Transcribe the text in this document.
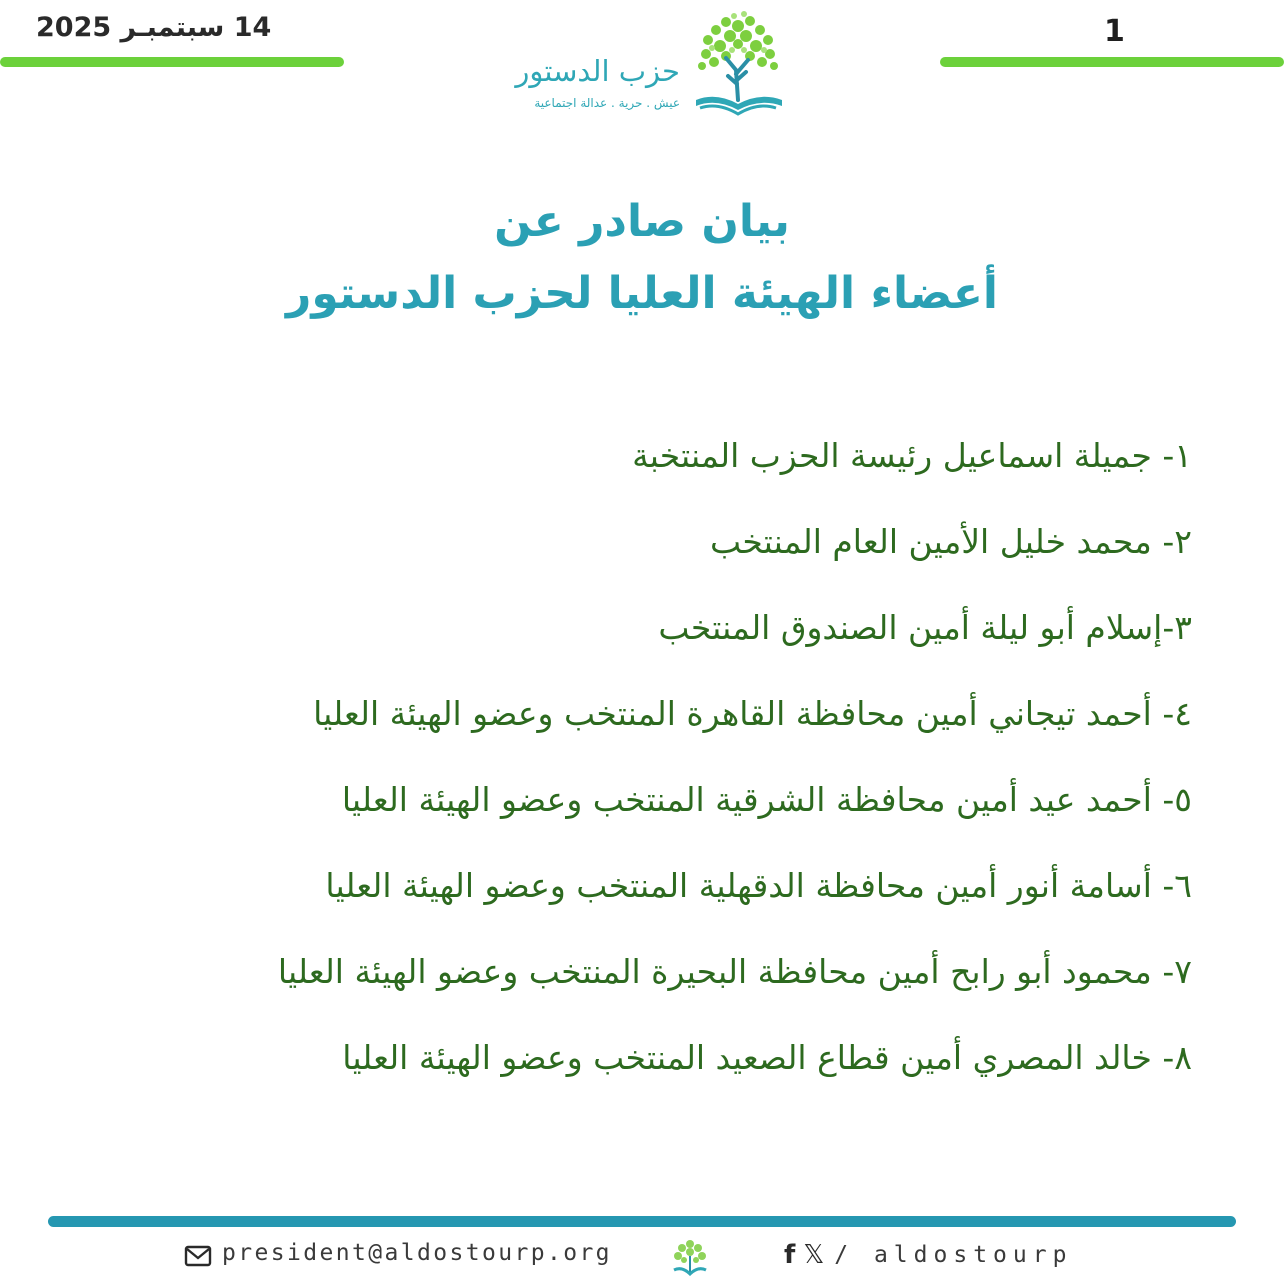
14 سبتمبـر 2025	1
حزب الدستور
عيش . حرية . عدالة اجتماعية
بيان صادر عن
أعضاء الهيئة العليا لحزب الدستور
١- جميلة اسماعيل رئيسة الحزب المنتخبة
٢- محمد خليل الأمين العام المنتخب
٣-إسلام أبو ليلة أمين الصندوق المنتخب
٤- أحمد تيجاني أمين محافظة القاهرة المنتخب وعضو الهيئة العليا
٥- أحمد عيد أمين محافظة الشرقية المنتخب وعضو الهيئة العليا
٦- أسامة أنور أمين محافظة الدقهلية المنتخب وعضو الهيئة العليا
٧- محمود أبو رابح أمين محافظة البحيرة المنتخب وعضو الهيئة العليا
٨- خالد المصري أمين قطاع الصعيد المنتخب وعضو الهيئة العليا
president@aldostourp.org	f 𝕏 / aldostourp
